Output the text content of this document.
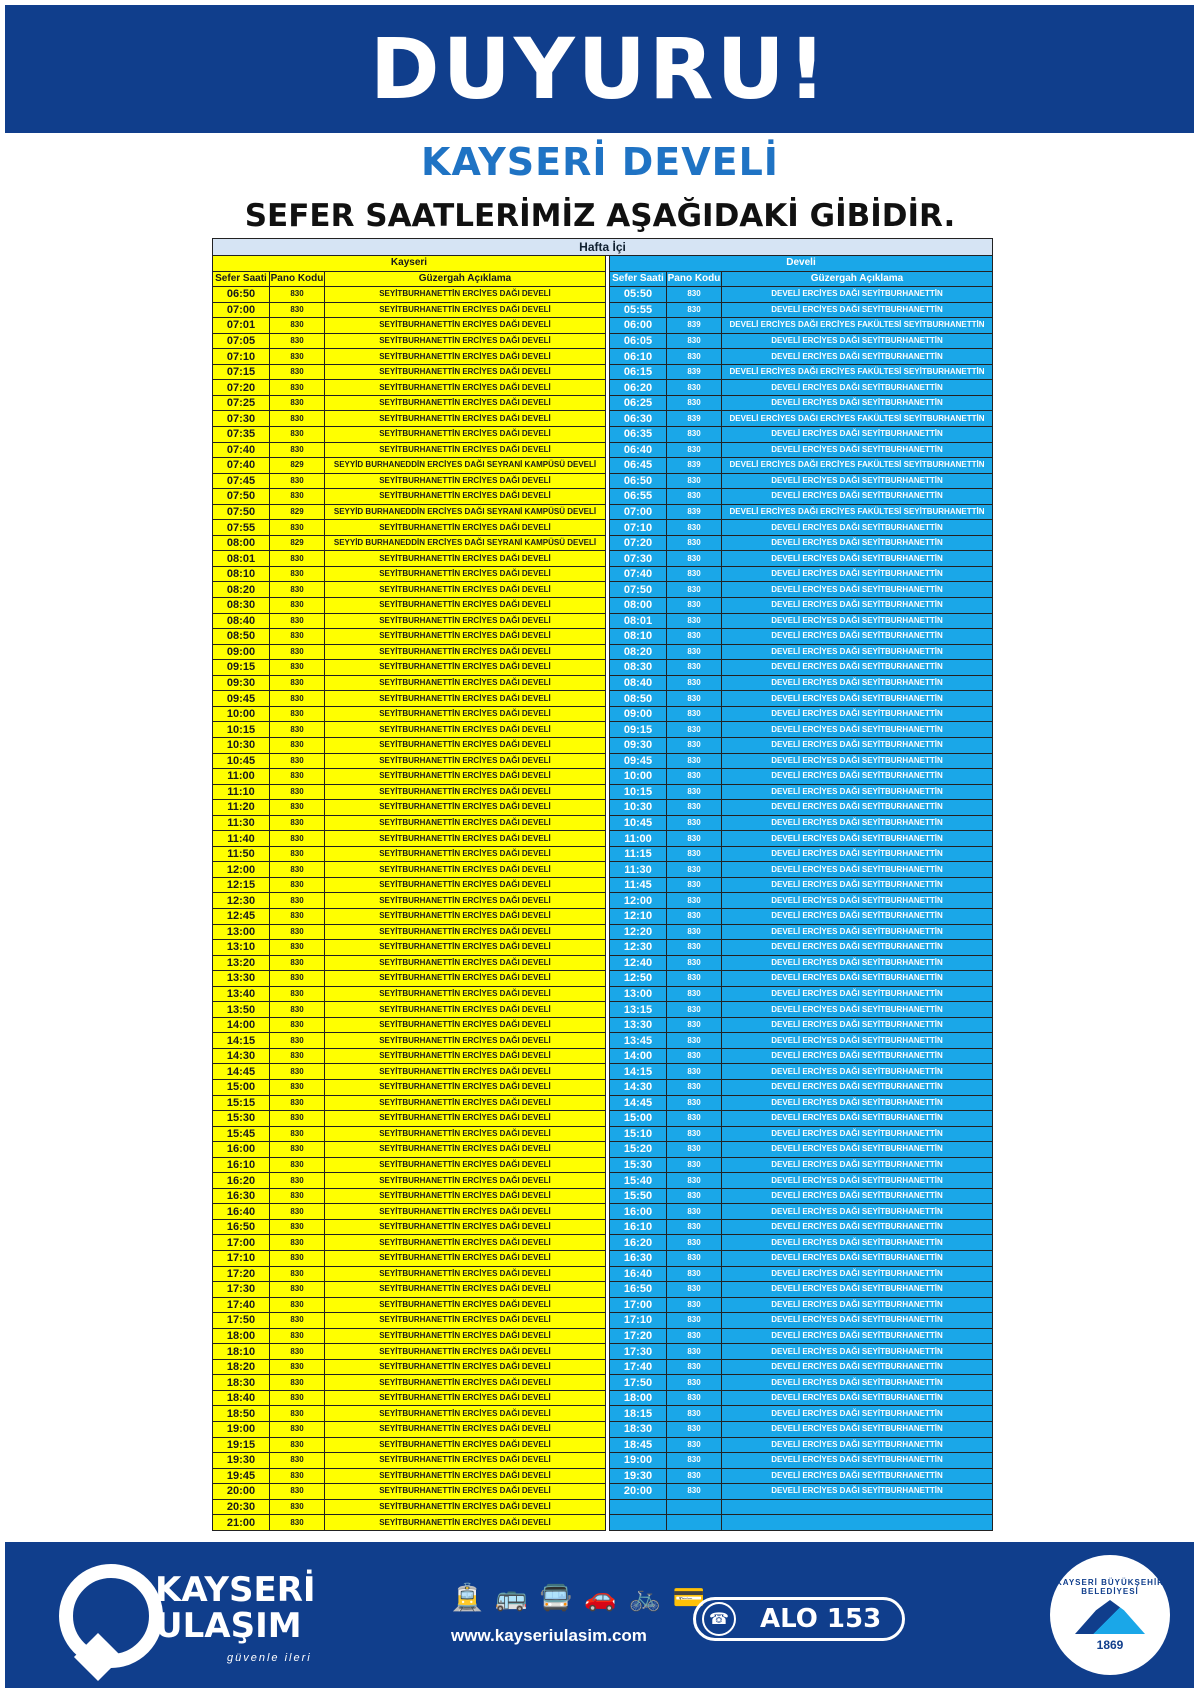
DUYURU!
KAYSERİ DEVELİ
SEFER SAATLERİMİZ AŞAĞIDAKİ GİBİDİR.
Hafta İçi						
Kayseri				Develi		
Sefer Saati	Pano Kodu	Güzergah Açıklama		Sefer Saati	Pano Kodu	Güzergah Açıklama
06:50	830	SEYİTBURHANETTİN ERCİYES DAĞI DEVELİ		05:50	830	DEVELİ ERCİYES DAĞI SEYİTBURHANETTİN
07:00	830	SEYİTBURHANETTİN ERCİYES DAĞI DEVELİ		05:55	830	DEVELİ ERCİYES DAĞI SEYİTBURHANETTİN
07:01	830	SEYİTBURHANETTİN ERCİYES DAĞI DEVELİ		06:00	839	DEVELİ ERCİYES DAĞI ERCİYES FAKÜLTESİ SEYİTBURHANETTİN
07:05	830	SEYİTBURHANETTİN ERCİYES DAĞI DEVELİ		06:05	830	DEVELİ ERCİYES DAĞI SEYİTBURHANETTİN
07:10	830	SEYİTBURHANETTİN ERCİYES DAĞI DEVELİ		06:10	830	DEVELİ ERCİYES DAĞI SEYİTBURHANETTİN
07:15	830	SEYİTBURHANETTİN ERCİYES DAĞI DEVELİ		06:15	839	DEVELİ ERCİYES DAĞI ERCİYES FAKÜLTESİ SEYİTBURHANETTİN
07:20	830	SEYİTBURHANETTİN ERCİYES DAĞI DEVELİ		06:20	830	DEVELİ ERCİYES DAĞI SEYİTBURHANETTİN
07:25	830	SEYİTBURHANETTİN ERCİYES DAĞI DEVELİ		06:25	830	DEVELİ ERCİYES DAĞI SEYİTBURHANETTİN
07:30	830	SEYİTBURHANETTİN ERCİYES DAĞI DEVELİ		06:30	839	DEVELİ ERCİYES DAĞI ERCİYES FAKÜLTESİ SEYİTBURHANETTİN
07:35	830	SEYİTBURHANETTİN ERCİYES DAĞI DEVELİ		06:35	830	DEVELİ ERCİYES DAĞI SEYİTBURHANETTİN
07:40	830	SEYİTBURHANETTİN ERCİYES DAĞI DEVELİ		06:40	830	DEVELİ ERCİYES DAĞI SEYİTBURHANETTİN
07:40	829	SEYYİD BURHANEDDİN ERCİYES DAĞI SEYRANİ KAMPÜSÜ DEVELİ		06:45	839	DEVELİ ERCİYES DAĞI ERCİYES FAKÜLTESİ SEYİTBURHANETTİN
07:45	830	SEYİTBURHANETTİN ERCİYES DAĞI DEVELİ		06:50	830	DEVELİ ERCİYES DAĞI SEYİTBURHANETTİN
07:50	830	SEYİTBURHANETTİN ERCİYES DAĞI DEVELİ		06:55	830	DEVELİ ERCİYES DAĞI SEYİTBURHANETTİN
07:50	829	SEYYİD BURHANEDDİN ERCİYES DAĞI SEYRANİ KAMPÜSÜ DEVELİ		07:00	839	DEVELİ ERCİYES DAĞI ERCİYES FAKÜLTESİ SEYİTBURHANETTİN
07:55	830	SEYİTBURHANETTİN ERCİYES DAĞI DEVELİ		07:10	830	DEVELİ ERCİYES DAĞI SEYİTBURHANETTİN
08:00	829	SEYYİD BURHANEDDİN ERCİYES DAĞI SEYRANİ KAMPÜSÜ DEVELİ		07:20	830	DEVELİ ERCİYES DAĞI SEYİTBURHANETTİN
08:01	830	SEYİTBURHANETTİN ERCİYES DAĞI DEVELİ		07:30	830	DEVELİ ERCİYES DAĞI SEYİTBURHANETTİN
08:10	830	SEYİTBURHANETTİN ERCİYES DAĞI DEVELİ		07:40	830	DEVELİ ERCİYES DAĞI SEYİTBURHANETTİN
08:20	830	SEYİTBURHANETTİN ERCİYES DAĞI DEVELİ		07:50	830	DEVELİ ERCİYES DAĞI SEYİTBURHANETTİN
08:30	830	SEYİTBURHANETTİN ERCİYES DAĞI DEVELİ		08:00	830	DEVELİ ERCİYES DAĞI SEYİTBURHANETTİN
08:40	830	SEYİTBURHANETTİN ERCİYES DAĞI DEVELİ		08:01	830	DEVELİ ERCİYES DAĞI SEYİTBURHANETTİN
08:50	830	SEYİTBURHANETTİN ERCİYES DAĞI DEVELİ		08:10	830	DEVELİ ERCİYES DAĞI SEYİTBURHANETTİN
09:00	830	SEYİTBURHANETTİN ERCİYES DAĞI DEVELİ		08:20	830	DEVELİ ERCİYES DAĞI SEYİTBURHANETTİN
09:15	830	SEYİTBURHANETTİN ERCİYES DAĞI DEVELİ		08:30	830	DEVELİ ERCİYES DAĞI SEYİTBURHANETTİN
09:30	830	SEYİTBURHANETTİN ERCİYES DAĞI DEVELİ		08:40	830	DEVELİ ERCİYES DAĞI SEYİTBURHANETTİN
09:45	830	SEYİTBURHANETTİN ERCİYES DAĞI DEVELİ		08:50	830	DEVELİ ERCİYES DAĞI SEYİTBURHANETTİN
10:00	830	SEYİTBURHANETTİN ERCİYES DAĞI DEVELİ		09:00	830	DEVELİ ERCİYES DAĞI SEYİTBURHANETTİN
10:15	830	SEYİTBURHANETTİN ERCİYES DAĞI DEVELİ		09:15	830	DEVELİ ERCİYES DAĞI SEYİTBURHANETTİN
10:30	830	SEYİTBURHANETTİN ERCİYES DAĞI DEVELİ		09:30	830	DEVELİ ERCİYES DAĞI SEYİTBURHANETTİN
10:45	830	SEYİTBURHANETTİN ERCİYES DAĞI DEVELİ		09:45	830	DEVELİ ERCİYES DAĞI SEYİTBURHANETTİN
11:00	830	SEYİTBURHANETTİN ERCİYES DAĞI DEVELİ		10:00	830	DEVELİ ERCİYES DAĞI SEYİTBURHANETTİN
11:10	830	SEYİTBURHANETTİN ERCİYES DAĞI DEVELİ		10:15	830	DEVELİ ERCİYES DAĞI SEYİTBURHANETTİN
11:20	830	SEYİTBURHANETTİN ERCİYES DAĞI DEVELİ		10:30	830	DEVELİ ERCİYES DAĞI SEYİTBURHANETTİN
11:30	830	SEYİTBURHANETTİN ERCİYES DAĞI DEVELİ		10:45	830	DEVELİ ERCİYES DAĞI SEYİTBURHANETTİN
11:40	830	SEYİTBURHANETTİN ERCİYES DAĞI DEVELİ		11:00	830	DEVELİ ERCİYES DAĞI SEYİTBURHANETTİN
11:50	830	SEYİTBURHANETTİN ERCİYES DAĞI DEVELİ		11:15	830	DEVELİ ERCİYES DAĞI SEYİTBURHANETTİN
12:00	830	SEYİTBURHANETTİN ERCİYES DAĞI DEVELİ		11:30	830	DEVELİ ERCİYES DAĞI SEYİTBURHANETTİN
12:15	830	SEYİTBURHANETTİN ERCİYES DAĞI DEVELİ		11:45	830	DEVELİ ERCİYES DAĞI SEYİTBURHANETTİN
12:30	830	SEYİTBURHANETTİN ERCİYES DAĞI DEVELİ		12:00	830	DEVELİ ERCİYES DAĞI SEYİTBURHANETTİN
12:45	830	SEYİTBURHANETTİN ERCİYES DAĞI DEVELİ		12:10	830	DEVELİ ERCİYES DAĞI SEYİTBURHANETTİN
13:00	830	SEYİTBURHANETTİN ERCİYES DAĞI DEVELİ		12:20	830	DEVELİ ERCİYES DAĞI SEYİTBURHANETTİN
13:10	830	SEYİTBURHANETTİN ERCİYES DAĞI DEVELİ		12:30	830	DEVELİ ERCİYES DAĞI SEYİTBURHANETTİN
13:20	830	SEYİTBURHANETTİN ERCİYES DAĞI DEVELİ		12:40	830	DEVELİ ERCİYES DAĞI SEYİTBURHANETTİN
13:30	830	SEYİTBURHANETTİN ERCİYES DAĞI DEVELİ		12:50	830	DEVELİ ERCİYES DAĞI SEYİTBURHANETTİN
13:40	830	SEYİTBURHANETTİN ERCİYES DAĞI DEVELİ		13:00	830	DEVELİ ERCİYES DAĞI SEYİTBURHANETTİN
13:50	830	SEYİTBURHANETTİN ERCİYES DAĞI DEVELİ		13:15	830	DEVELİ ERCİYES DAĞI SEYİTBURHANETTİN
14:00	830	SEYİTBURHANETTİN ERCİYES DAĞI DEVELİ		13:30	830	DEVELİ ERCİYES DAĞI SEYİTBURHANETTİN
14:15	830	SEYİTBURHANETTİN ERCİYES DAĞI DEVELİ		13:45	830	DEVELİ ERCİYES DAĞI SEYİTBURHANETTİN
14:30	830	SEYİTBURHANETTİN ERCİYES DAĞI DEVELİ		14:00	830	DEVELİ ERCİYES DAĞI SEYİTBURHANETTİN
14:45	830	SEYİTBURHANETTİN ERCİYES DAĞI DEVELİ		14:15	830	DEVELİ ERCİYES DAĞI SEYİTBURHANETTİN
15:00	830	SEYİTBURHANETTİN ERCİYES DAĞI DEVELİ		14:30	830	DEVELİ ERCİYES DAĞI SEYİTBURHANETTİN
15:15	830	SEYİTBURHANETTİN ERCİYES DAĞI DEVELİ		14:45	830	DEVELİ ERCİYES DAĞI SEYİTBURHANETTİN
15:30	830	SEYİTBURHANETTİN ERCİYES DAĞI DEVELİ		15:00	830	DEVELİ ERCİYES DAĞI SEYİTBURHANETTİN
15:45	830	SEYİTBURHANETTİN ERCİYES DAĞI DEVELİ		15:10	830	DEVELİ ERCİYES DAĞI SEYİTBURHANETTİN
16:00	830	SEYİTBURHANETTİN ERCİYES DAĞI DEVELİ		15:20	830	DEVELİ ERCİYES DAĞI SEYİTBURHANETTİN
16:10	830	SEYİTBURHANETTİN ERCİYES DAĞI DEVELİ		15:30	830	DEVELİ ERCİYES DAĞI SEYİTBURHANETTİN
16:20	830	SEYİTBURHANETTİN ERCİYES DAĞI DEVELİ		15:40	830	DEVELİ ERCİYES DAĞI SEYİTBURHANETTİN
16:30	830	SEYİTBURHANETTİN ERCİYES DAĞI DEVELİ		15:50	830	DEVELİ ERCİYES DAĞI SEYİTBURHANETTİN
16:40	830	SEYİTBURHANETTİN ERCİYES DAĞI DEVELİ		16:00	830	DEVELİ ERCİYES DAĞI SEYİTBURHANETTİN
16:50	830	SEYİTBURHANETTİN ERCİYES DAĞI DEVELİ		16:10	830	DEVELİ ERCİYES DAĞI SEYİTBURHANETTİN
17:00	830	SEYİTBURHANETTİN ERCİYES DAĞI DEVELİ		16:20	830	DEVELİ ERCİYES DAĞI SEYİTBURHANETTİN
17:10	830	SEYİTBURHANETTİN ERCİYES DAĞI DEVELİ		16:30	830	DEVELİ ERCİYES DAĞI SEYİTBURHANETTİN
17:20	830	SEYİTBURHANETTİN ERCİYES DAĞI DEVELİ		16:40	830	DEVELİ ERCİYES DAĞI SEYİTBURHANETTİN
17:30	830	SEYİTBURHANETTİN ERCİYES DAĞI DEVELİ		16:50	830	DEVELİ ERCİYES DAĞI SEYİTBURHANETTİN
17:40	830	SEYİTBURHANETTİN ERCİYES DAĞI DEVELİ		17:00	830	DEVELİ ERCİYES DAĞI SEYİTBURHANETTİN
17:50	830	SEYİTBURHANETTİN ERCİYES DAĞI DEVELİ		17:10	830	DEVELİ ERCİYES DAĞI SEYİTBURHANETTİN
18:00	830	SEYİTBURHANETTİN ERCİYES DAĞI DEVELİ		17:20	830	DEVELİ ERCİYES DAĞI SEYİTBURHANETTİN
18:10	830	SEYİTBURHANETTİN ERCİYES DAĞI DEVELİ		17:30	830	DEVELİ ERCİYES DAĞI SEYİTBURHANETTİN
18:20	830	SEYİTBURHANETTİN ERCİYES DAĞI DEVELİ		17:40	830	DEVELİ ERCİYES DAĞI SEYİTBURHANETTİN
18:30	830	SEYİTBURHANETTİN ERCİYES DAĞI DEVELİ		17:50	830	DEVELİ ERCİYES DAĞI SEYİTBURHANETTİN
18:40	830	SEYİTBURHANETTİN ERCİYES DAĞI DEVELİ		18:00	830	DEVELİ ERCİYES DAĞI SEYİTBURHANETTİN
18:50	830	SEYİTBURHANETTİN ERCİYES DAĞI DEVELİ		18:15	830	DEVELİ ERCİYES DAĞI SEYİTBURHANETTİN
19:00	830	SEYİTBURHANETTİN ERCİYES DAĞI DEVELİ		18:30	830	DEVELİ ERCİYES DAĞI SEYİTBURHANETTİN
19:15	830	SEYİTBURHANETTİN ERCİYES DAĞI DEVELİ		18:45	830	DEVELİ ERCİYES DAĞI SEYİTBURHANETTİN
19:30	830	SEYİTBURHANETTİN ERCİYES DAĞI DEVELİ		19:00	830	DEVELİ ERCİYES DAĞI SEYİTBURHANETTİN
19:45	830	SEYİTBURHANETTİN ERCİYES DAĞI DEVELİ		19:30	830	DEVELİ ERCİYES DAĞI SEYİTBURHANETTİN
20:00	830	SEYİTBURHANETTİN ERCİYES DAĞI DEVELİ		20:00	830	DEVELİ ERCİYES DAĞI SEYİTBURHANETTİN
20:30	830	SEYİTBURHANETTİN ERCİYES DAĞI DEVELİ				
21:00	830	SEYİTBURHANETTİN ERCİYES DAĞI DEVELİ				
KAYSERİ
ULAŞIM
güvenle ileri
🚊 🚌 🚍 🚗 🚲 💳
www.kayseriulasim.com
☎ ALO 153
KAYSERİ BÜYÜKŞEHİR BELEDİYESİ
1869
